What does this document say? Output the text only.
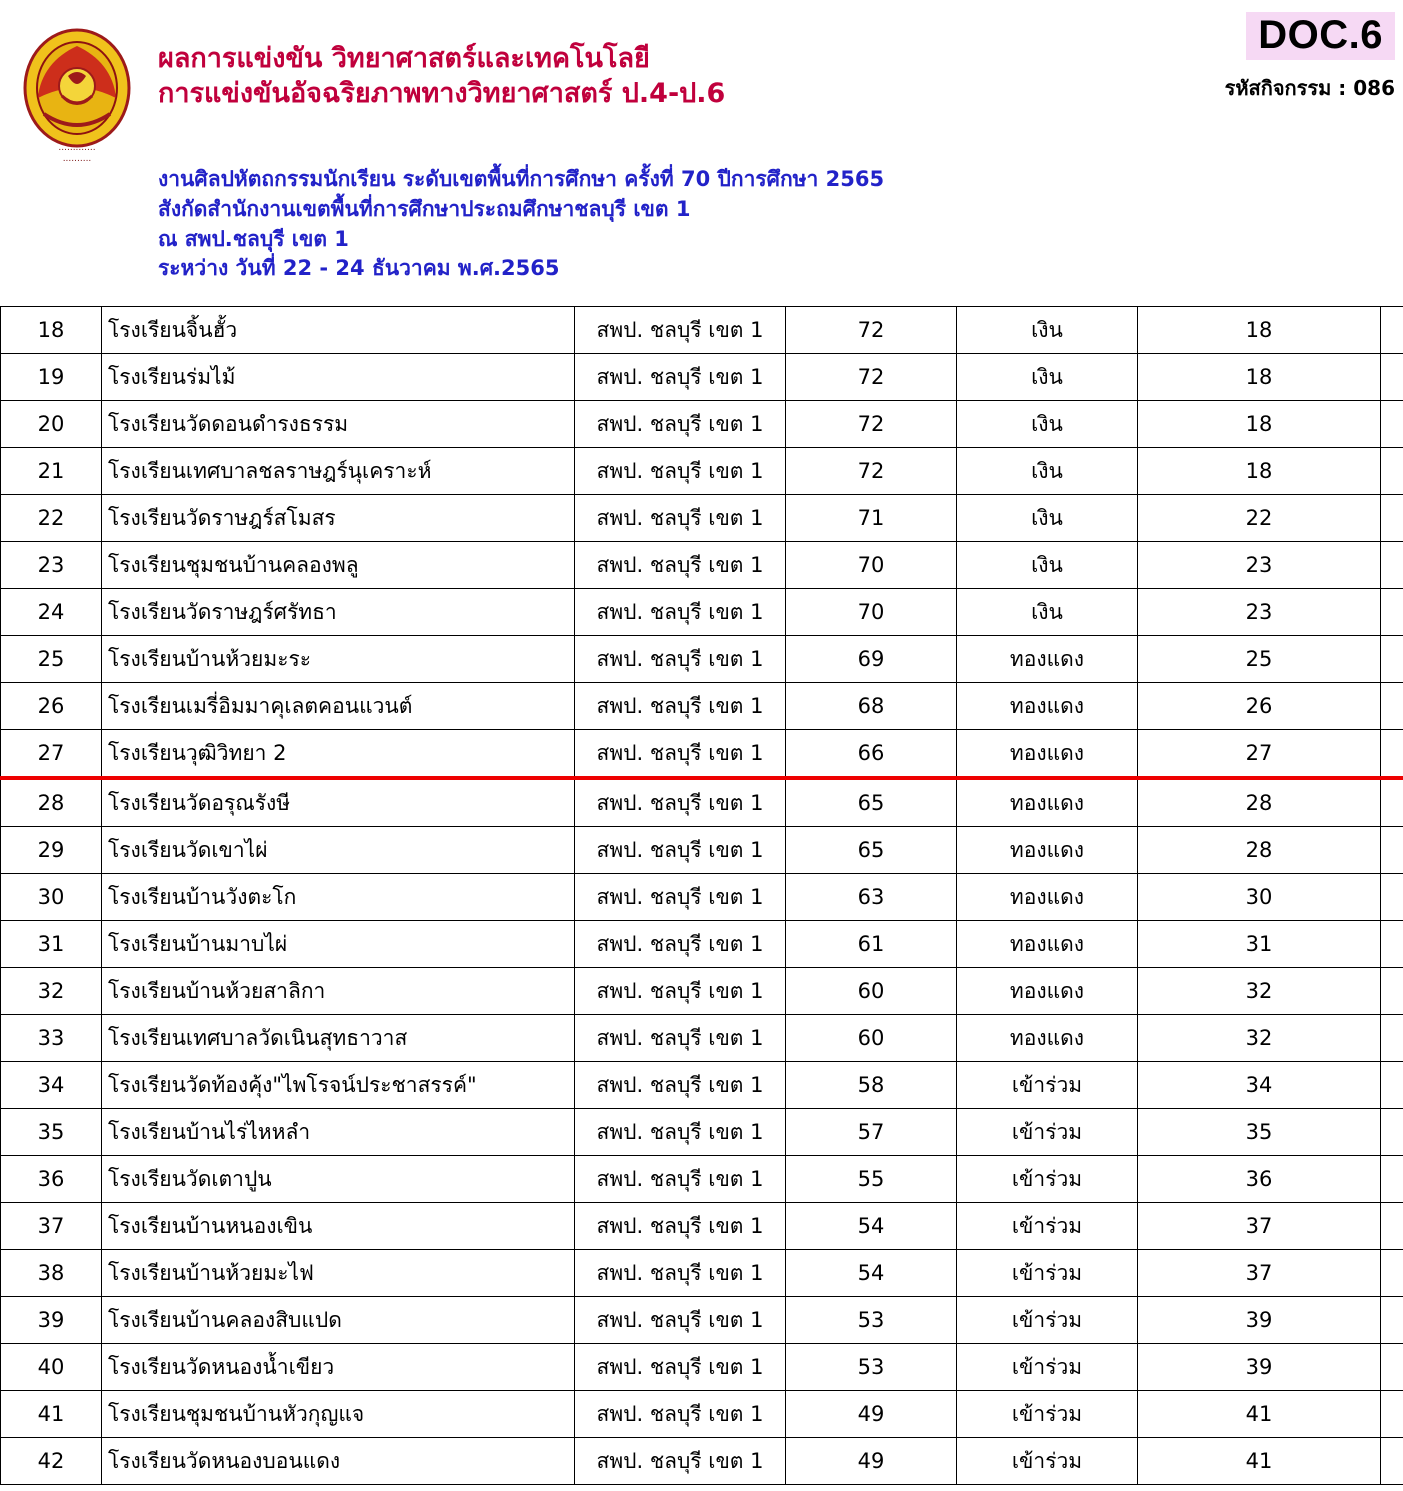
DOC.6
รหัสกิจกรรม : 086
.............
..........
ผลการแข่งขัน วิทยาศาสตร์และเทคโนโลยี
การแข่งขันอัจฉริยภาพทางวิทยาศาสตร์ ป.4-ป.6
งานศิลปหัตถกรรมนักเรียน ระดับเขตพื้นที่การศึกษา ครั้งที่ 70 ปีการศึกษา 2565
สังกัดสำนักงานเขตพื้นที่การศึกษาประถมศึกษาชลบุรี เขต 1
ณ สพป.ชลบุรี เขต 1
ระหว่าง วันที่ 22 - 24 ธันวาคม พ.ศ.2565
18	โรงเรียนจิ้นฮั้ว	สพป. ชลบุรี เขต 1	72	เงิน	18	
19	โรงเรียนร่มไม้	สพป. ชลบุรี เขต 1	72	เงิน	18	
20	โรงเรียนวัดดอนดำรงธรรม	สพป. ชลบุรี เขต 1	72	เงิน	18	
21	โรงเรียนเทศบาลชลราษฎร์นุเคราะห์	สพป. ชลบุรี เขต 1	72	เงิน	18	
22	โรงเรียนวัดราษฎร์สโมสร	สพป. ชลบุรี เขต 1	71	เงิน	22	
23	โรงเรียนชุมชนบ้านคลองพลู	สพป. ชลบุรี เขต 1	70	เงิน	23	
24	โรงเรียนวัดราษฎร์ศรัทธา	สพป. ชลบุรี เขต 1	70	เงิน	23	
25	โรงเรียนบ้านห้วยมะระ	สพป. ชลบุรี เขต 1	69	ทองแดง	25	
26	โรงเรียนเมรี่อิมมาคุเลตคอนแวนต์	สพป. ชลบุรี เขต 1	68	ทองแดง	26	
27	โรงเรียนวุฒิวิทยา 2	สพป. ชลบุรี เขต 1	66	ทองแดง	27	
28	โรงเรียนวัดอรุณรังษี	สพป. ชลบุรี เขต 1	65	ทองแดง	28	
29	โรงเรียนวัดเขาไผ่	สพป. ชลบุรี เขต 1	65	ทองแดง	28	
30	โรงเรียนบ้านวังตะโก	สพป. ชลบุรี เขต 1	63	ทองแดง	30	
31	โรงเรียนบ้านมาบไผ่	สพป. ชลบุรี เขต 1	61	ทองแดง	31	
32	โรงเรียนบ้านห้วยสาลิกา	สพป. ชลบุรี เขต 1	60	ทองแดง	32	
33	โรงเรียนเทศบาลวัดเนินสุทธาวาส	สพป. ชลบุรี เขต 1	60	ทองแดง	32	
34	โรงเรียนวัดท้องคุ้ง"ไพโรจน์ประชาสรรค์"	สพป. ชลบุรี เขต 1	58	เข้าร่วม	34	
35	โรงเรียนบ้านไร่ไหหลำ	สพป. ชลบุรี เขต 1	57	เข้าร่วม	35	
36	โรงเรียนวัดเตาปูน	สพป. ชลบุรี เขต 1	55	เข้าร่วม	36	
37	โรงเรียนบ้านหนองเขิน	สพป. ชลบุรี เขต 1	54	เข้าร่วม	37	
38	โรงเรียนบ้านห้วยมะไฟ	สพป. ชลบุรี เขต 1	54	เข้าร่วม	37	
39	โรงเรียนบ้านคลองสิบแปด	สพป. ชลบุรี เขต 1	53	เข้าร่วม	39	
40	โรงเรียนวัดหนองน้ำเขียว	สพป. ชลบุรี เขต 1	53	เข้าร่วม	39	
41	โรงเรียนชุมชนบ้านหัวกุญแจ	สพป. ชลบุรี เขต 1	49	เข้าร่วม	41	
42	โรงเรียนวัดหนองบอนแดง	สพป. ชลบุรี เขต 1	49	เข้าร่วม	41	
